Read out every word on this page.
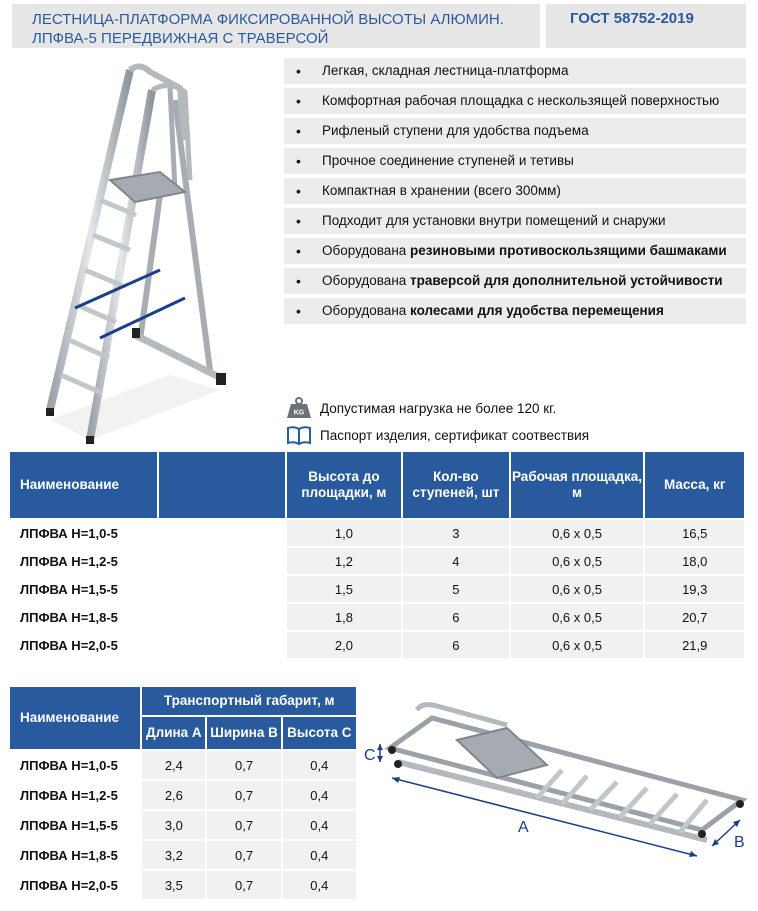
ЛЕСТНИЦА-ПЛАТФОРМА ФИКСИРОВАННОЙ ВЫСОТЫ АЛЮМИН.
ЛПФВА-5 ПЕРЕДВИЖНАЯ С ТРАВЕРСОЙ
ГОСТ 58752-2019
•	Легкая, складная лестница-платформа
•	Комфортная рабочая площадка с нескользящей поверхностью
•	Рифленый ступени для удобства подъема
•	Прочное соединение ступеней и тетивы
•	Компактная в хранении (всего 300мм)
•	Подходит для установки внутри помещений и снаружи
•	Оборудована резиновыми противоскользящими башмаками
•	Оборудована траверсой для дополнительной устойчивости
•	Оборудована колесами для удобства перемещения
KG Допустимая нагрузка не более 120 кг.
Паспорт изделия, сертификат соотвествия
Наименование		Высота до площадки, м	Кол-во ступеней, шт	Рабочая площадка, м	Масса, кг
ЛПФВА Н=1,0-5		1,0	3	0,6 х 0,5	16,5
ЛПФВА Н=1,2-5		1,2	4	0,6 х 0,5	18,0
ЛПФВА Н=1,5-5		1,5	5	0,6 х 0,5	19,3
ЛПФВА Н=1,8-5		1,8	6	0,6 х 0,5	20,7
ЛПФВА Н=2,0-5		2,0	6	0,6 х 0,5	21,9
Наименование	Транспортный габарит, м		
	Длина A	Ширина B	Высота C
ЛПФВА Н=1,0-5	2,4	0,7	0,4
ЛПФВА Н=1,2-5	2,6	0,7	0,4
ЛПФВА Н=1,5-5	3,0	0,7	0,4
ЛПФВА Н=1,8-5	3,2	0,7	0,4
ЛПФВА Н=2,0-5	3,5	0,7	0,4
A
B
C
